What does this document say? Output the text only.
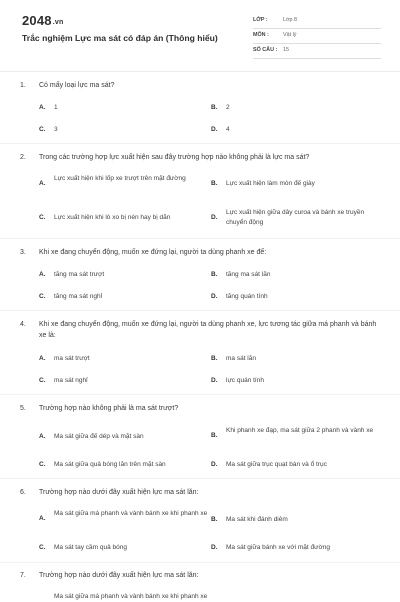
2048.vn
Trắc nghiệm Lực ma sát có đáp án (Thông hiểu)
LỚP :	Lớp 8
MÔN :	Vật lý
SỐ CÂU : 15
1. Có mấy loại lực ma sát?
A. 1	B. 2
C. 3	D. 4
2. Trong các trường hợp lực xuất hiện sau đây trường hợp nào không phải là lực ma sát?
A.
Lực xuất hiện khi lốp xe trượt trên mặt đường
B. Lực xuất hiện làm mòn đế giày
C. Lực xuất hiện khi lò xo bị nén hay bị dãn	D.
Lực xuất hiện giữa dây curoa và bánh xe truyền chuyển động
3. Khi xe đang chuyển động, muốn xe đứng lại, người ta dùng phanh xe để:
A. tăng ma sát trượt	B. tăng ma sát lăn
C. tăng ma sát nghỉ	D. tăng quán tính
4. Khi xe đang chuyển động, muốn xe đứng lại, người ta dùng phanh xe, lực tương tác giữa má phanh và bánh xe là:
A. ma sát trượt	B. ma sát lăn
C. ma sát nghỉ	D. lực quán tính
5. Trường hợp nào không phải là ma sát trượt?
A. Ma sát giữa đế dép và mặt sàn	B.
Khi phanh xe đạp, ma sát giữa 2 phanh và vành xe
C. Ma sát giữa quả bóng lăn trên mặt sàn	D. Ma sát giữa trục quạt bàn và ổ trục
6. Trường hợp nào dưới đây xuất hiện lực ma sát lăn:
A.
Ma sát giữa má phanh và vành bánh xe khi phanh xe
B. Ma sát khi đánh diêm
C. Ma sát tay cầm quả bóng	D. Ma sát giữa bánh xe với mặt đường
7. Trường hợp nào dưới đây xuất hiện lực ma sát lăn:
Ma sát giữa má phanh và vành bánh xe khi phanh xe
